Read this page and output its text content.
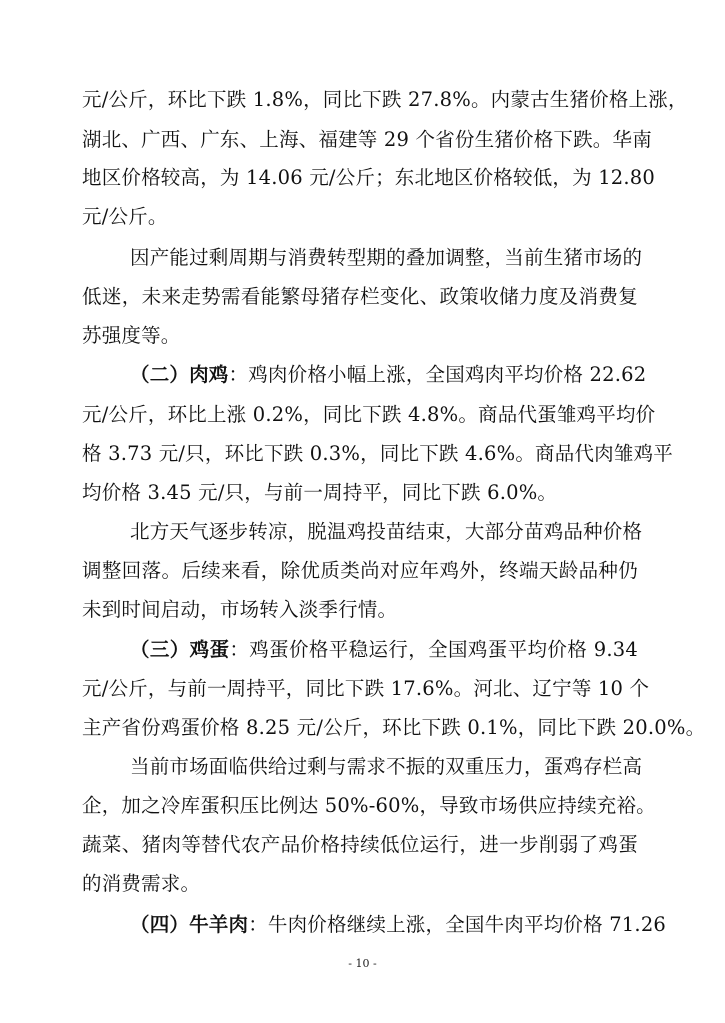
元/公斤，环比下跌 1.8%，同比下跌 27.8%。内蒙古生猪价格上涨，
湖北、广西、广东、上海、福建等 29 个省份生猪价格下跌。华南
地区价格较高，为 14.06 元/公斤；东北地区价格较低，为 12.80
元/公斤。
因产能过剩周期与消费转型期的叠加调整，当前生猪市场的
低迷，未来走势需看能繁母猪存栏变化、政策收储力度及消费复
苏强度等。
（二）肉鸡：鸡肉价格小幅上涨，全国鸡肉平均价格 22.62
元/公斤，环比上涨 0.2%，同比下跌 4.8%。商品代蛋雏鸡平均价
格 3.73 元/只，环比下跌 0.3%，同比下跌 4.6%。商品代肉雏鸡平
均价格 3.45 元/只，与前一周持平，同比下跌 6.0%。
北方天气逐步转凉，脱温鸡投苗结束，大部分苗鸡品种价格
调整回落。后续来看，除优质类尚对应年鸡外，终端天龄品种仍
未到时间启动，市场转入淡季行情。
（三）鸡蛋：鸡蛋价格平稳运行，全国鸡蛋平均价格 9.34
元/公斤，与前一周持平，同比下跌 17.6%。河北、辽宁等 10 个
主产省份鸡蛋价格 8.25 元/公斤，环比下跌 0.1%，同比下跌 20.0%。
当前市场面临供给过剩与需求不振的双重压力，蛋鸡存栏高
企，加之冷库蛋积压比例达 50%-60%，导致市场供应持续充裕。
蔬菜、猪肉等替代农产品价格持续低位运行，进一步削弱了鸡蛋
的消费需求。
（四）牛羊肉：牛肉价格继续上涨，全国牛肉平均价格 71.26
- 10 -
